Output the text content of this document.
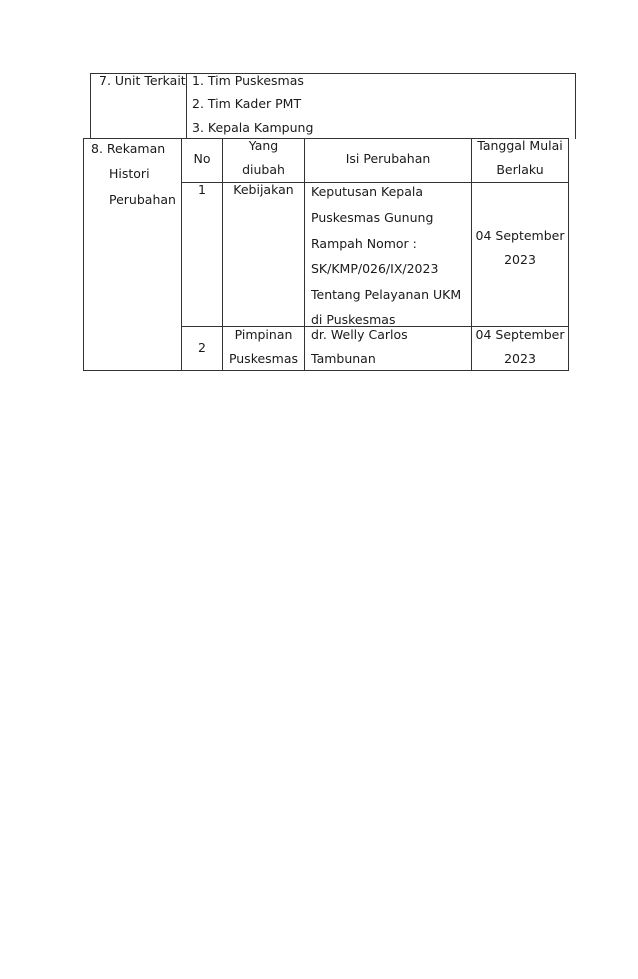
7. Unit Terkait 1. Tim Puskesmas
2. Tim Kader PMT
3. Kepala Kampung
8. Rekaman
Histori
Perubahan
No
Yang
diubah
Isi Perubahan
Tanggal Mulai
Berlaku
1	Kebijakan	Keputusan Kepala
Puskesmas Gunung
Rampah Nomor :
SK/KMP/026/IX/2023
Tentang Pelayanan UKM
di Puskesmas
04 September
2023
2
Pimpinan
Puskesmas
dr. Welly Carlos
Tambunan
04 September
2023
